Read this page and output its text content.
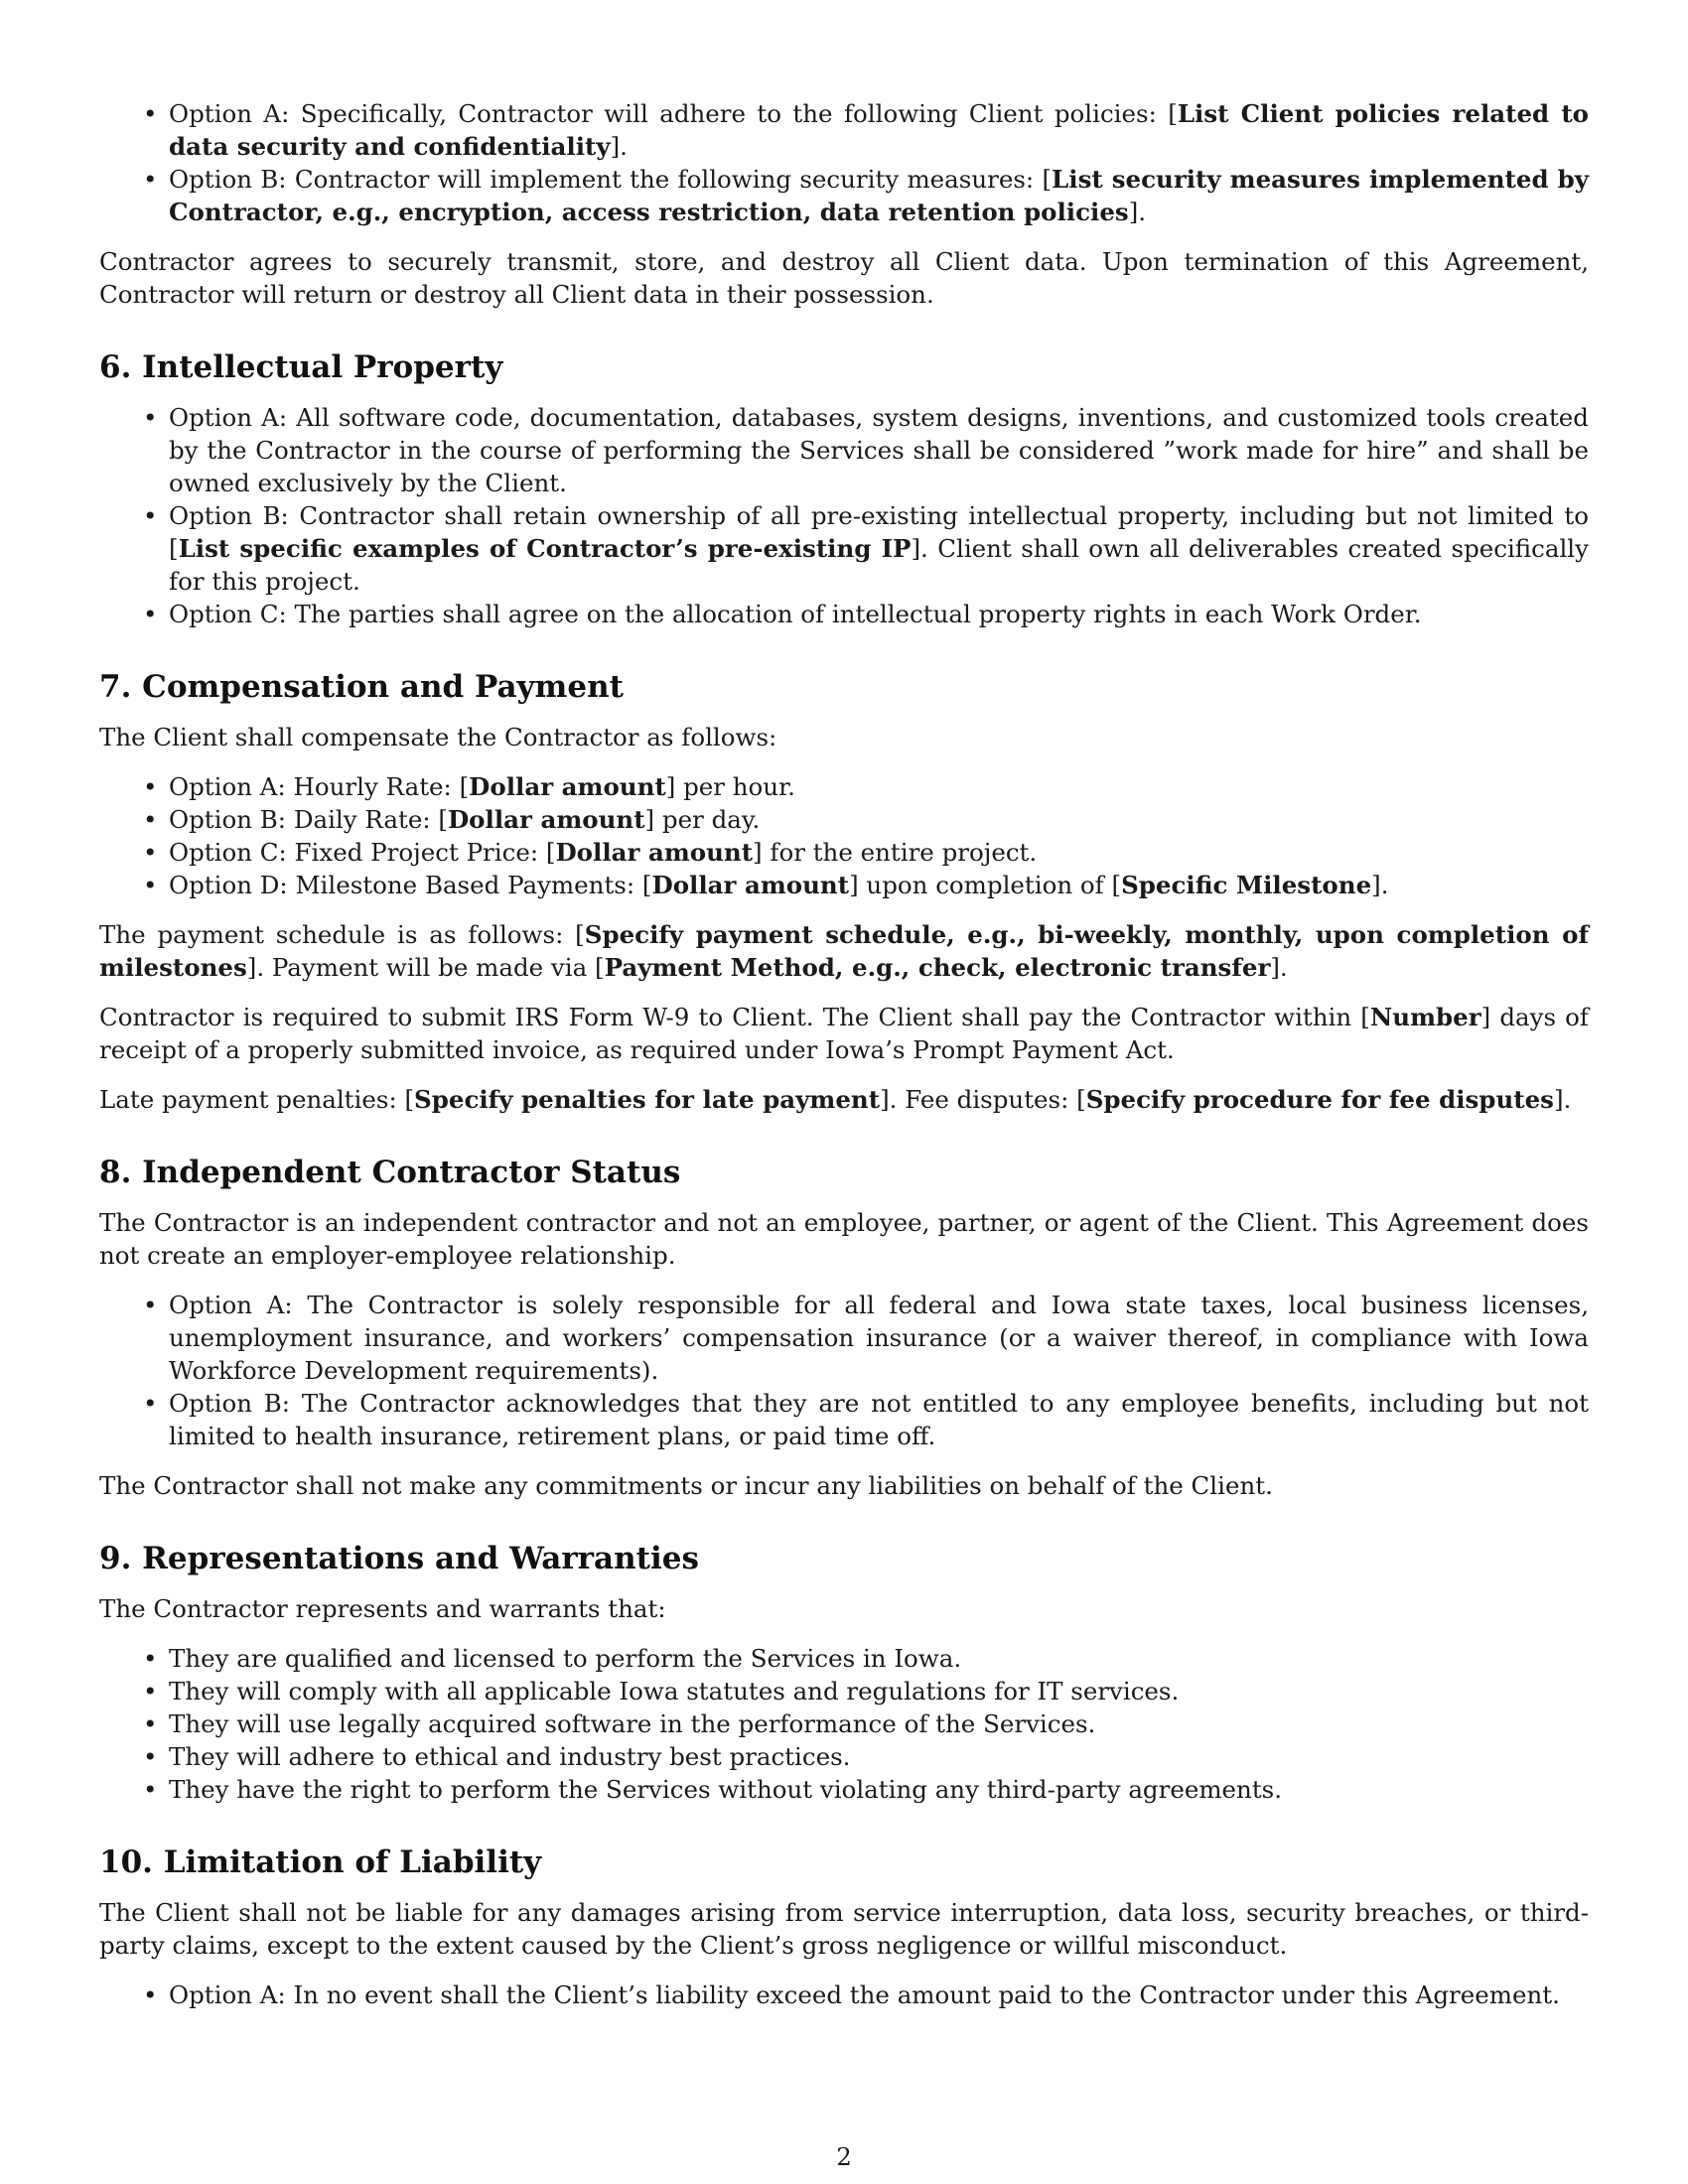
• Option A: Specifically, Contractor will adhere to the following Client policies: [List Client policies related to data security and confidentiality].
• Option B: Contractor will implement the following security measures: [List security measures implemented by Contractor, e.g., encryption, access restriction, data retention policies].

Contractor agrees to securely transmit, store, and destroy all Client data. Upon termination of this Agreement, Contractor will return or destroy all Client data in their possession.

6. Intellectual Property
• Option A: All software code, documentation, databases, system designs, inventions, and customized tools created by the Contractor in the course of performing the Services shall be considered ”work made for hire” and shall be owned exclusively by the Client.
• Option B: Contractor shall retain ownership of all pre-existing intellectual property, including but not limited to [List specific examples of Contractor’s pre-existing IP]. Client shall own all deliverables created specifically for this project.
• Option C: The parties shall agree on the allocation of intellectual property rights in each Work Order.
7. Compensation and Payment

The Client shall compensate the Contractor as follows:

• Option A: Hourly Rate: [Dollar amount] per hour.
• Option B: Daily Rate: [Dollar amount] per day.
• Option C: Fixed Project Price: [Dollar amount] for the entire project.
• Option D: Milestone Based Payments: [Dollar amount] upon completion of [Specific Milestone].

The payment schedule is as follows: [Specify payment schedule, e.g., bi-weekly, monthly, upon completion of milestones]. Payment will be made via [Payment Method, e.g., check, electronic transfer].

Contractor is required to submit IRS Form W-9 to Client. The Client shall pay the Contractor within [Number] days of receipt of a properly submitted invoice, as required under Iowa’s Prompt Payment Act.

Late payment penalties: [Specify penalties for late payment]. Fee disputes: [Specify procedure for fee disputes].

8. Independent Contractor Status

The Contractor is an independent contractor and not an employee, partner, or agent of the Client. This Agreement does not create an employer-employee relationship.

• Option A: The Contractor is solely responsible for all federal and Iowa state taxes, local business licenses, unemployment insurance, and workers’ compensation insurance (or a waiver thereof, in compliance with Iowa Workforce Development requirements).
• Option B: The Contractor acknowledges that they are not entitled to any employee benefits, including but not limited to health insurance, retirement plans, or paid time off.

The Contractor shall not make any commitments or incur any liabilities on behalf of the Client.

9. Representations and Warranties

The Contractor represents and warrants that:

• They are qualified and licensed to perform the Services in Iowa.
• They will comply with all applicable Iowa statutes and regulations for IT services.
• They will use legally acquired software in the performance of the Services.
• They will adhere to ethical and industry best practices.
• They have the right to perform the Services without violating any third-party agreements.
10. Limitation of Liability

The Client shall not be liable for any damages arising from service interruption, data loss, security breaches, or third-party claims, except to the extent caused by the Client’s gross negligence or willful misconduct.

• Option A: In no event shall the Client’s liability exceed the amount paid to the Contractor under this Agreement.
2
